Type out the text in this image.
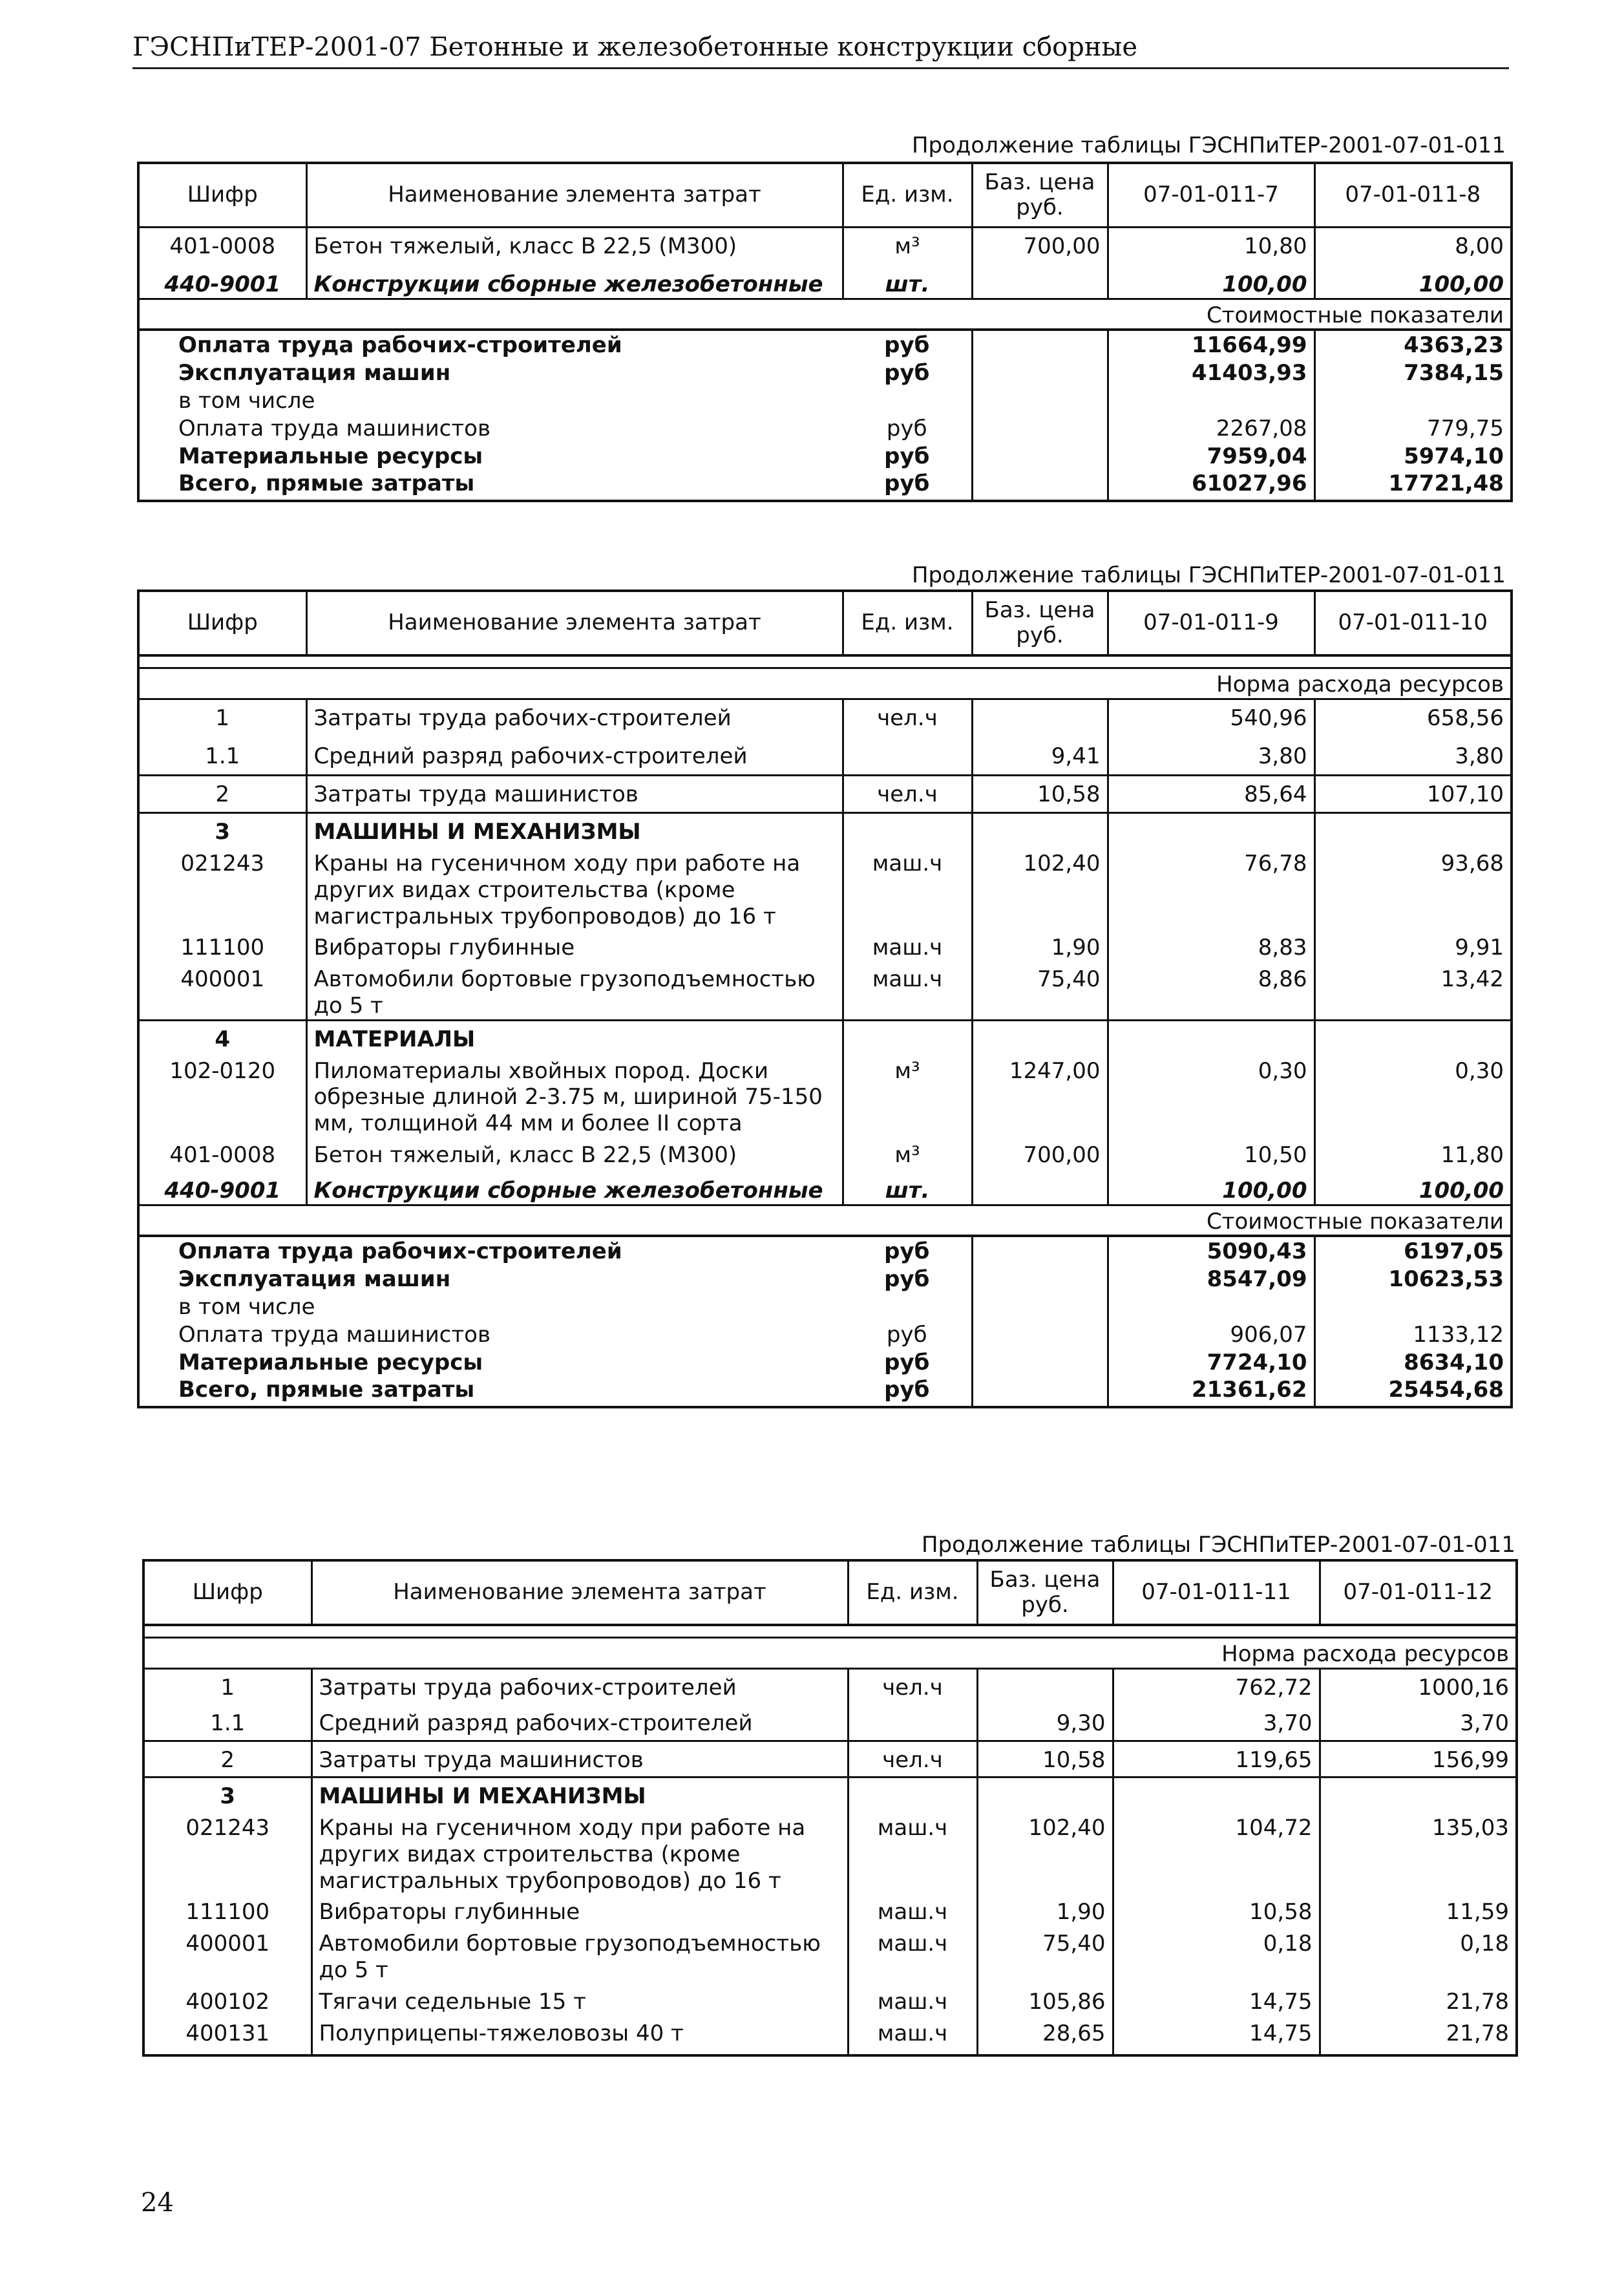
ГЭСНПиТЕР-2001-07 Бетонные и железобетонные конструкции сборные
Продолжение таблицы ГЭСНПиТЕР-2001-07-01-011
Шифр	Наименование элемента затрат	Ед. изм.	Баз. цена руб.	07-01-011-7	07-01-011-8
401-0008	Бетон тяжелый, класс В 22,5 (М300)	м³	700,00	10,80	8,00
440-9001	Конструкции сборные железобетонные	шт.		100,00	100,00
Стоимостные показатели					
Оплата труда рабочих-строителей		руб		11664,99	4363,23
Эксплуатация машин		руб		41403,93	7384,15
в том числе					
Оплата труда машинистов		руб		2267,08	779,75
Материальные ресурсы		руб		7959,04	5974,10
Всего, прямые затраты		руб		61027,96	17721,48
Продолжение таблицы ГЭСНПиТЕР-2001-07-01-011
Шифр	Наименование элемента затрат	Ед. изм.	Баз. цена руб.	07-01-011-9	07-01-011-10

Норма расхода ресурсов					
1	Затраты труда рабочих-строителей	чел.ч		540,96	658,56
1.1	Средний разряд рабочих-строителей		9,41	3,80	3,80
2	Затраты труда машинистов	чел.ч	10,58	85,64	107,10
3	МАШИНЫ И МЕХАНИЗМЫ				
021243	Краны на гусеничном ходу при работе на других видах строительства (кроме магистральных трубопроводов) до 16 т	маш.ч	102,40	76,78	93,68
111100	Вибраторы глубинные	маш.ч	1,90	8,83	9,91
400001	Автомобили бортовые грузоподъемностью до 5 т	маш.ч	75,40	8,86	13,42
4	МАТЕРИАЛЫ				
102-0120	Пиломатериалы хвойных пород. Доски обрезные длиной 2-3.75 м, шириной 75-150 мм, толщиной 44 мм и более II сорта	м³	1247,00	0,30	0,30
401-0008	Бетон тяжелый, класс В 22,5 (М300)	м³	700,00	10,50	11,80
440-9001	Конструкции сборные железобетонные	шт.		100,00	100,00
Стоимостные показатели					
Оплата труда рабочих-строителей		руб		5090,43	6197,05
Эксплуатация машин		руб		8547,09	10623,53
в том числе					
Оплата труда машинистов		руб		906,07	1133,12
Материальные ресурсы		руб		7724,10	8634,10
Всего, прямые затраты		руб		21361,62	25454,68
Продолжение таблицы ГЭСНПиТЕР-2001-07-01-011
Шифр	Наименование элемента затрат	Ед. изм.	Баз. цена руб.	07-01-011-11	07-01-011-12

Норма расхода ресурсов					
1	Затраты труда рабочих-строителей	чел.ч		762,72	1000,16
1.1	Средний разряд рабочих-строителей		9,30	3,70	3,70
2	Затраты труда машинистов	чел.ч	10,58	119,65	156,99
3	МАШИНЫ И МЕХАНИЗМЫ				
021243	Краны на гусеничном ходу при работе на других видах строительства (кроме магистральных трубопроводов) до 16 т	маш.ч	102,40	104,72	135,03
111100	Вибраторы глубинные	маш.ч	1,90	10,58	11,59
400001	Автомобили бортовые грузоподъемностью до 5 т	маш.ч	75,40	0,18	0,18
400102	Тягачи седельные 15 т	маш.ч	105,86	14,75	21,78
400131	Полуприцепы-тяжеловозы 40 т	маш.ч	28,65	14,75	21,78
24
